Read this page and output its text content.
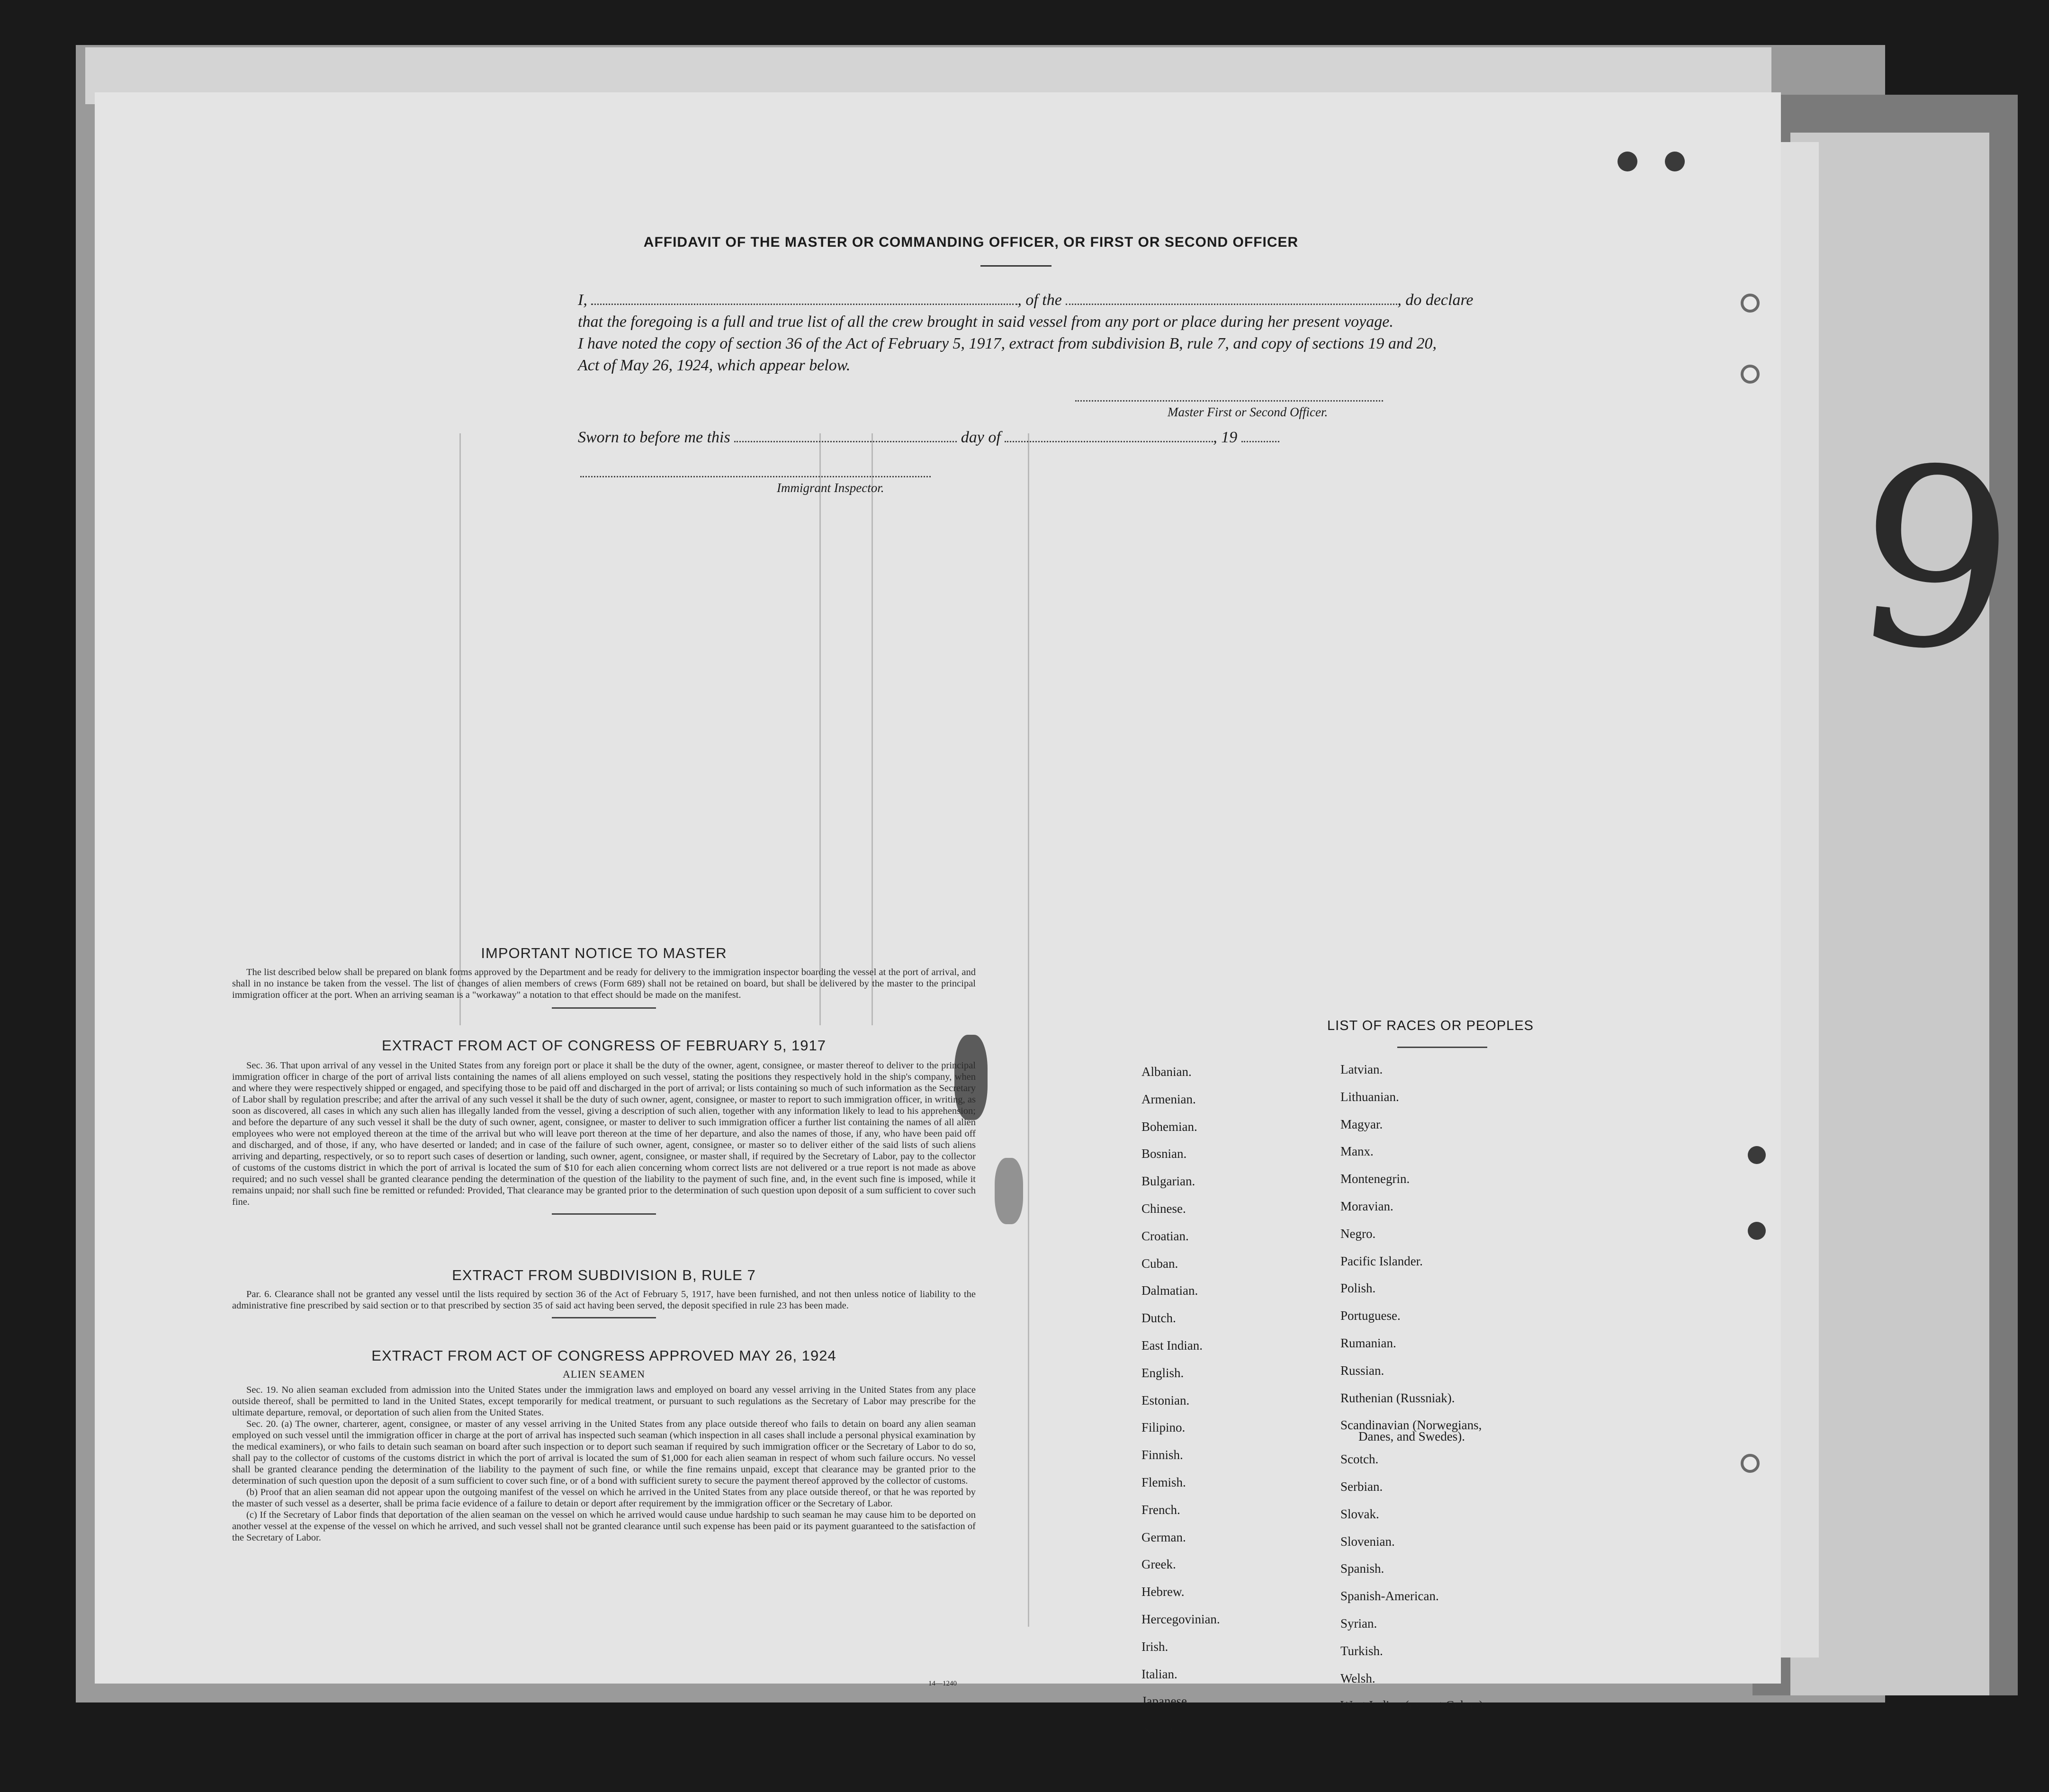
9
AFFIDAVIT OF THE MASTER OR COMMANDING OFFICER, OR FIRST OR SECOND OFFICER
I,	, of the	, do declare
that the foregoing is a full and true list of all the crew brought in said vessel from any port or place during her present voyage.
I have noted the copy of section 36 of the Act of February 5, 1917, extract from subdivision B, rule 7, and copy of sections 19 and 20,
Act of May 26, 1924, which appear below.
Master First or Second Officer.
Sworn to before me this	day of	, 19
Immigrant Inspector.
IMPORTANT NOTICE TO MASTER

The list described below shall be prepared on blank forms approved by the Department and be ready for delivery to the immigration inspector boarding the vessel at the port of arrival, and shall in no instance be taken from the vessel. The list of changes of alien members of crews (Form 689) shall not be retained on board, but shall be delivered by the master to the principal immigration officer at the port. When an arriving seaman is a "workaway" a notation to that effect should be made on the manifest.

EXTRACT FROM ACT OF CONGRESS OF FEBRUARY 5, 1917

Sec. 36. That upon arrival of any vessel in the United States from any foreign port or place it shall be the duty of the owner, agent, consignee, or master thereof to deliver to the principal immigration officer in charge of the port of arrival lists containing the names of all aliens employed on such vessel, stating the positions they respectively hold in the ship's company, when and where they were respectively shipped or engaged, and specifying those to be paid off and discharged in the port of arrival; or lists containing so much of such information as the Secretary of Labor shall by regulation prescribe; and after the arrival of any such vessel it shall be the duty of such owner, agent, consignee, or master to report to such immigration officer, in writing, as soon as discovered, all cases in which any such alien has illegally landed from the vessel, giving a description of such alien, together with any information likely to lead to his apprehension; and before the departure of any such vessel it shall be the duty of such owner, agent, consignee, or master to deliver to such immigration officer a further list containing the names of all alien employees who were not employed thereon at the time of the arrival but who will leave port thereon at the time of her departure, and also the names of those, if any, who have been paid off and discharged, and of those, if any, who have deserted or landed; and in case of the failure of such owner, agent, consignee, or master so to deliver either of the said lists of such aliens arriving and departing, respectively, or so to report such cases of desertion or landing, such owner, agent, consignee, or master shall, if required by the Secretary of Labor, pay to the collector of customs of the customs district in which the port of arrival is located the sum of $10 for each alien concerning whom correct lists are not delivered or a true report is not made as above required; and no such vessel shall be granted clearance pending the determination of the question of the liability to the payment of such fine, and, in the event such fine is imposed, while it remains unpaid; nor shall such fine be remitted or refunded: Provided, That clearance may be granted prior to the determination of such question upon deposit of a sum sufficient to cover such fine.

EXTRACT FROM SUBDIVISION B, RULE 7

Par. 6. Clearance shall not be granted any vessel until the lists required by section 36 of the Act of February 5, 1917, have been furnished, and not then unless notice of liability to the administrative fine prescribed by said section or to that prescribed by section 35 of said act having been served, the deposit specified in rule 23 has been made.

EXTRACT FROM ACT OF CONGRESS APPROVED MAY 26, 1924
ALIEN SEAMEN

Sec. 19. No alien seaman excluded from admission into the United States under the immigration laws and employed on board any vessel arriving in the United States from any place outside thereof, shall be permitted to land in the United States, except temporarily for medical treatment, or pursuant to such regulations as the Secretary of Labor may prescribe for the ultimate departure, removal, or deportation of such alien from the United States.

Sec. 20. (a) The owner, charterer, agent, consignee, or master of any vessel arriving in the United States from any place outside thereof who fails to detain on board any alien seaman employed on such vessel until the immigration officer in charge at the port of arrival has inspected such seaman (which inspection in all cases shall include a personal physical examination by the medical examiners), or who fails to detain such seaman on board after such inspection or to deport such seaman if required by such immigration officer or the Secretary of Labor to do so, shall pay to the collector of customs of the customs district in which the port of arrival is located the sum of $1,000 for each alien seaman in respect of whom such failure occurs. No vessel shall be granted clearance pending the determination of the liability to the payment of such fine, or while the fine remains unpaid, except that clearance may be granted prior to the determination of such question upon the deposit of a sum sufficient to cover such fine, or of a bond with sufficient surety to secure the payment thereof approved by the collector of customs.

(b) Proof that an alien seaman did not appear upon the outgoing manifest of the vessel on which he arrived in the United States from any place outside thereof, or that he was reported by the master of such vessel as a deserter, shall be prima facie evidence of a failure to detain or deport after requirement by the immigration officer or the Secretary of Labor.

(c) If the Secretary of Labor finds that deportation of the alien seaman on the vessel on which he arrived would cause undue hardship to such seaman he may cause him to be deported on another vessel at the expense of the vessel on which he arrived, and such vessel shall not be granted clearance until such expense has been paid or its payment guaranteed to the satisfaction of the Secretary of Labor.

14—1240
LIST OF RACES OR PEOPLES
Albanian.
Armenian.
Bohemian.
Bosnian.
Bulgarian.
Chinese.
Croatian.
Cuban.
Dalmatian.
Dutch.
East Indian.
English.
Estonian.
Filipino.
Finnish.
Flemish.
French.
German.
Greek.
Hebrew.
Hercegovinian.
Irish.
Italian.
Japanese.
Korean.
Latvian.
Lithuanian.
Magyar.
Manx.
Montenegrin.
Moravian.
Negro.
Pacific Islander.
Polish.
Portuguese.
Rumanian.
Russian.
Ruthenian (Russniak).
Scandinavian (Norwegians,
Danes, and Swedes).
Scotch.
Serbian.
Slovak.
Slovenian.
Spanish.
Spanish-American.
Syrian.
Turkish.
Welsh.
West Indian (except Cuban).
